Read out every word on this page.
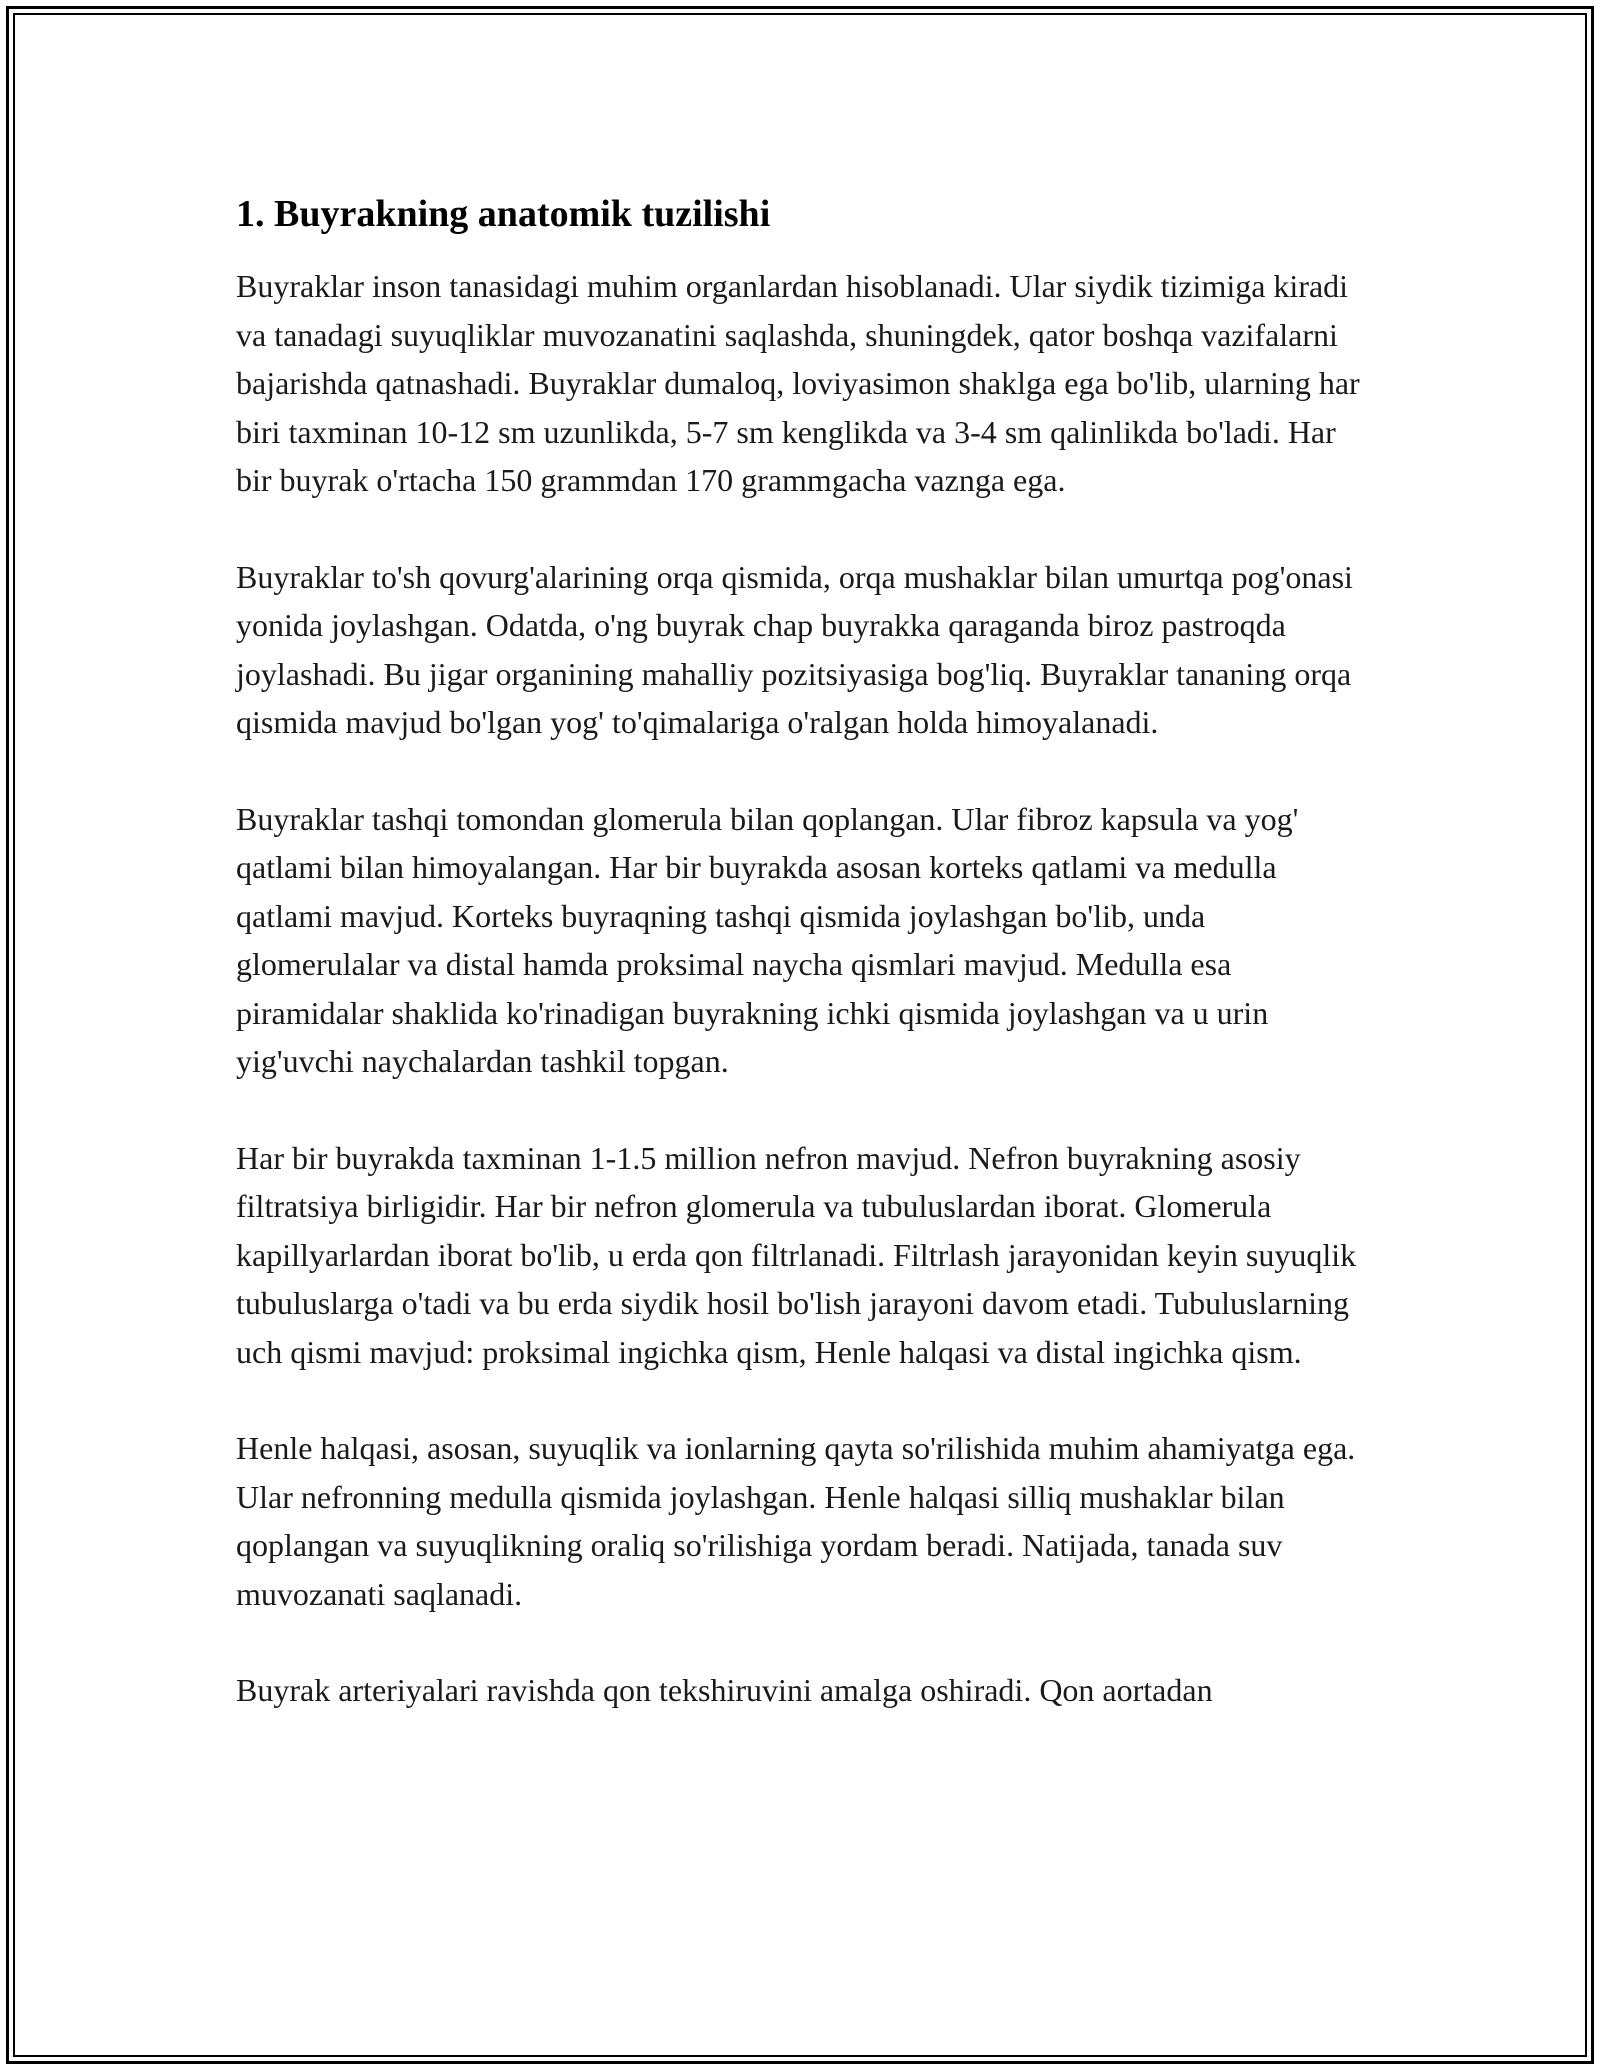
1. Buyrakning anatomik tuzilishi

Buyraklar inson tanasidagi muhim organlardan hisoblanadi. Ular siydik tizimiga kiradi va tanadagi suyuqliklar muvozanatini saqlashda, shuningdek, qator boshqa vazifalarni bajarishda qatnashadi. Buyraklar dumaloq, loviyasimon shaklga ega bo'lib, ularning har biri taxminan 10-12 sm uzunlikda, 5-7 sm kenglikda va 3-4 sm qalinlikda bo'ladi. Har bir buyrak o'rtacha 150 grammdan 170 grammgacha vaznga ega.

Buyraklar to'sh qovurg'alarining orqa qismida, orqa mushaklar bilan umurtqa pog'onasi yonida joylashgan. Odatda, o'ng buyrak chap buyrakka qaraganda biroz pastroqda joylashadi. Bu jigar organining mahalliy pozitsiyasiga bog'liq. Buyraklar tananing orqa qismida mavjud bo'lgan yog' to'qimalariga o'ralgan holda himoyalanadi.

Buyraklar tashqi tomondan glomerula bilan qoplangan. Ular fibroz kapsula va yog' qatlami bilan himoyalangan. Har bir buyrakda asosan korteks qatlami va medulla qatlami mavjud. Korteks buyraqning tashqi qismida joylashgan bo'lib, unda glomerulalar va distal hamda proksimal naycha qismlari mavjud. Medulla esa piramidalar shaklida ko'rinadigan buyrakning ichki qismida joylashgan va u urin yig'uvchi naychalardan tashkil topgan.

Har bir buyrakda taxminan 1-1.5 million nefron mavjud. Nefron buyrakning asosiy filtratsiya birligidir. Har bir nefron glomerula va tubuluslardan iborat. Glomerula kapillyarlardan iborat bo'lib, u erda qon filtrlanadi. Filtrlash jarayonidan keyin suyuqlik tubuluslarga o'tadi va bu erda siydik hosil bo'lish jarayoni davom etadi. Tubuluslarning uch qismi mavjud: proksimal ingichka qism, Henle halqasi va distal ingichka qism.

Henle halqasi, asosan, suyuqlik va ionlarning qayta so'rilishida muhim ahamiyatga ega. Ular nefronning medulla qismida joylashgan. Henle halqasi silliq mushaklar bilan qoplangan va suyuqlikning oraliq so'rilishiga yordam beradi. Natijada, tanada suv muvozanati saqlanadi.

Buyrak arteriyalari ravishda qon tekshiruvini amalga oshiradi. Qon aortadan
